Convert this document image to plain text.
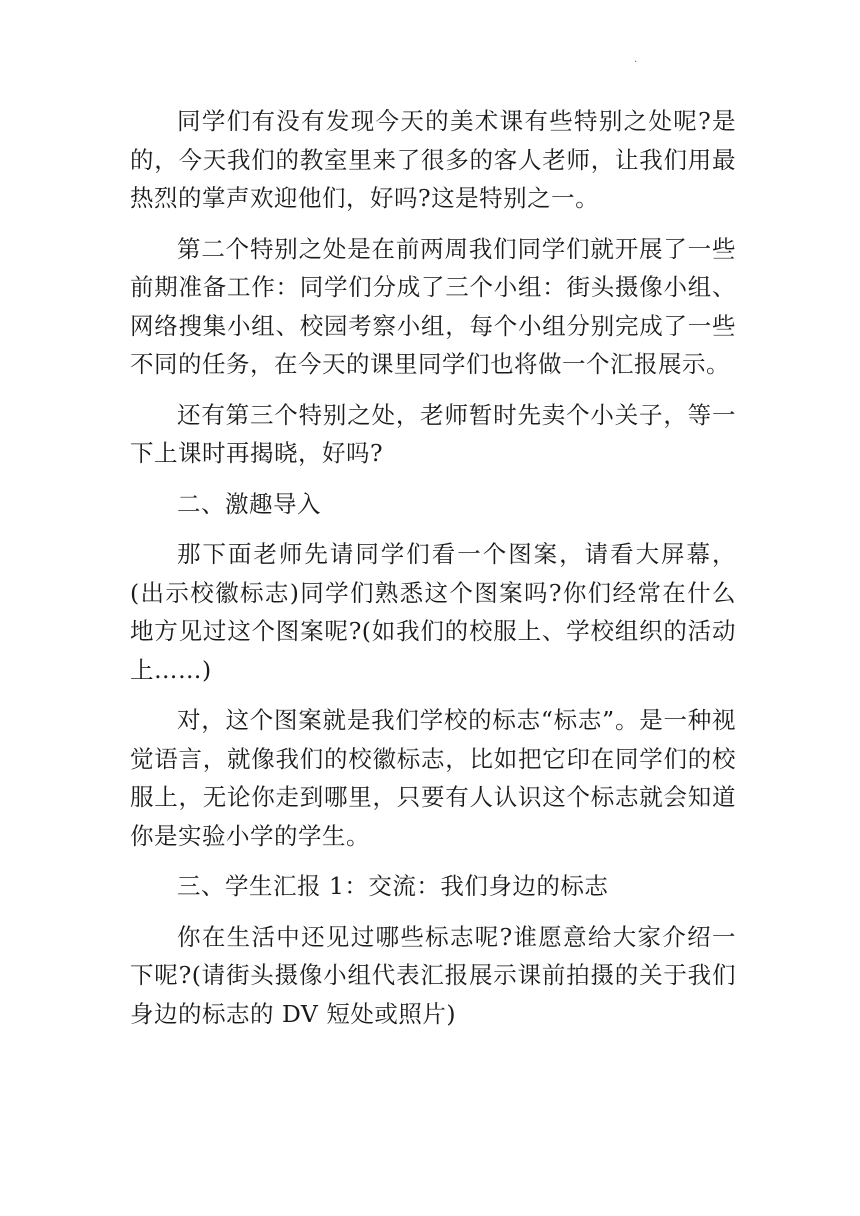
·

同学们有没有发现今天的美术课有些特别之处呢?是的，今天我们的教室里来了很多的客人老师，让我们用最热烈的掌声欢迎他们，好吗?这是特别之一。

第二个特别之处是在前两周我们同学们就开展了一些前期准备工作：同学们分成了三个小组：街头摄像小组、网络搜集小组、校园考察小组，每个小组分别完成了一些不同的任务，在今天的课里同学们也将做一个汇报展示。

还有第三个特别之处，老师暂时先卖个小关子，等一下上课时再揭晓，好吗?

二、激趣导入

那下面老师先请同学们看一个图案，请看大屏幕，(出示校徽标志)同学们熟悉这个图案吗?你们经常在什么地方见过这个图案呢?(如我们的校服上、学校组织的活动上……)

对，这个图案就是我们学校的标志“标志”。是一种视觉语言，就像我们的校徽标志，比如把它印在同学们的校服上，无论你走到哪里，只要有人认识这个标志就会知道你是实验小学的学生。

三、学生汇报 1：交流：我们身边的标志

你在生活中还见过哪些标志呢?谁愿意给大家介绍一下呢?(请街头摄像小组代表汇报展示课前拍摄的关于我们身边的标志的 DV 短处或照片)
